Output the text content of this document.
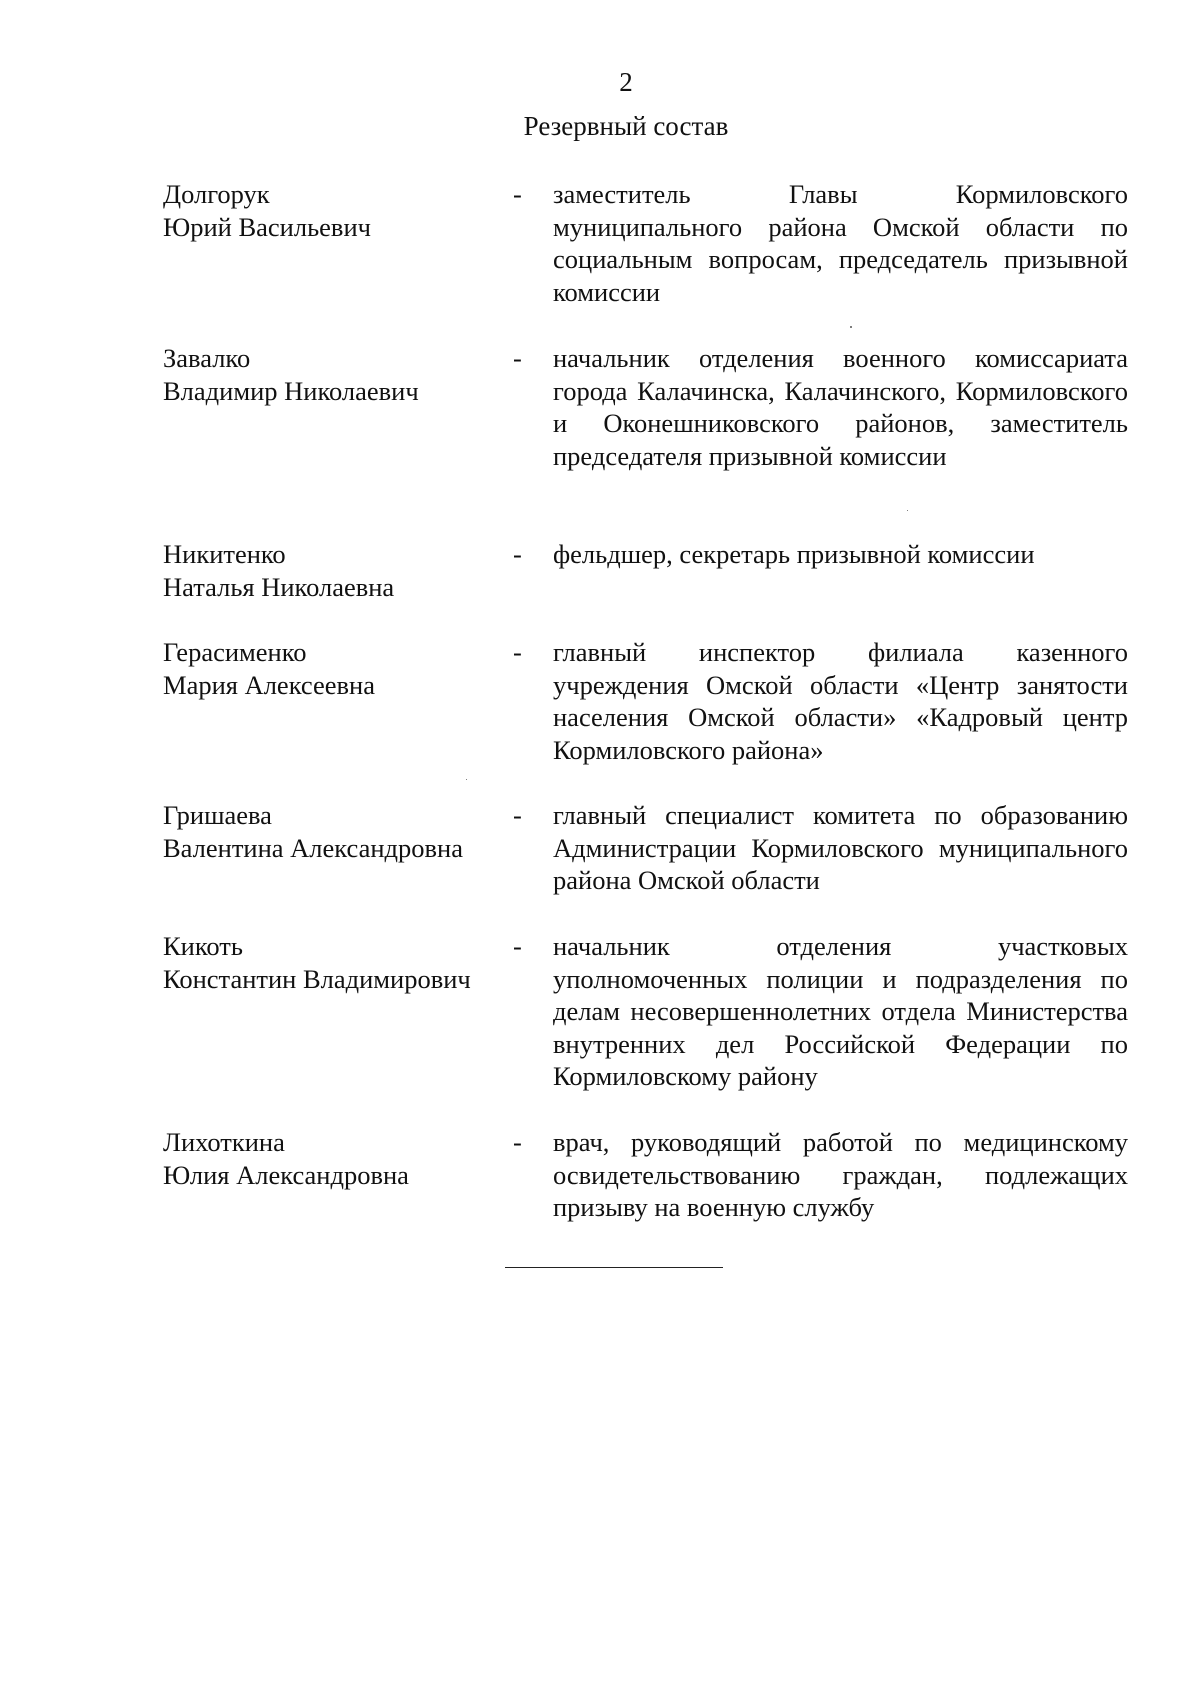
2
Резервный состав
Долгорук
Юрий Васильевич
- заместитель Главы Кормиловского муниципального района Омской области по социальным вопросам, председатель призывной комиссии
Завалко
Владимир Николаевич
- начальник отделения военного комиссариата города Калачинска, Калачинского, Кормиловского и Оконешниковского районов, заместитель председателя призывной комиссии
Никитенко
Наталья Николаевна
- фельдшер, секретарь призывной комиссии
Герасименко
Мария Алексеевна
- главный инспектор филиала казенного учреждения Омской области «Центр занятости населения Омской области» «Кадровый центр Кормиловского района»
Гришаева
Валентина Александровна
- главный специалист комитета по образованию Администрации Кормиловского муниципального района Омской области
Кикоть
Константин Владимирович
- начальник отделения участковых уполномоченных полиции и подразделения по делам несовершеннолетних отдела Министерства внутренних дел Российской Федерации по Кормиловскому району
Лихоткина
Юлия Александровна
- врач, руководящий работой по медицинскому освидетельствованию граждан, подлежащих призыву на военную службу
